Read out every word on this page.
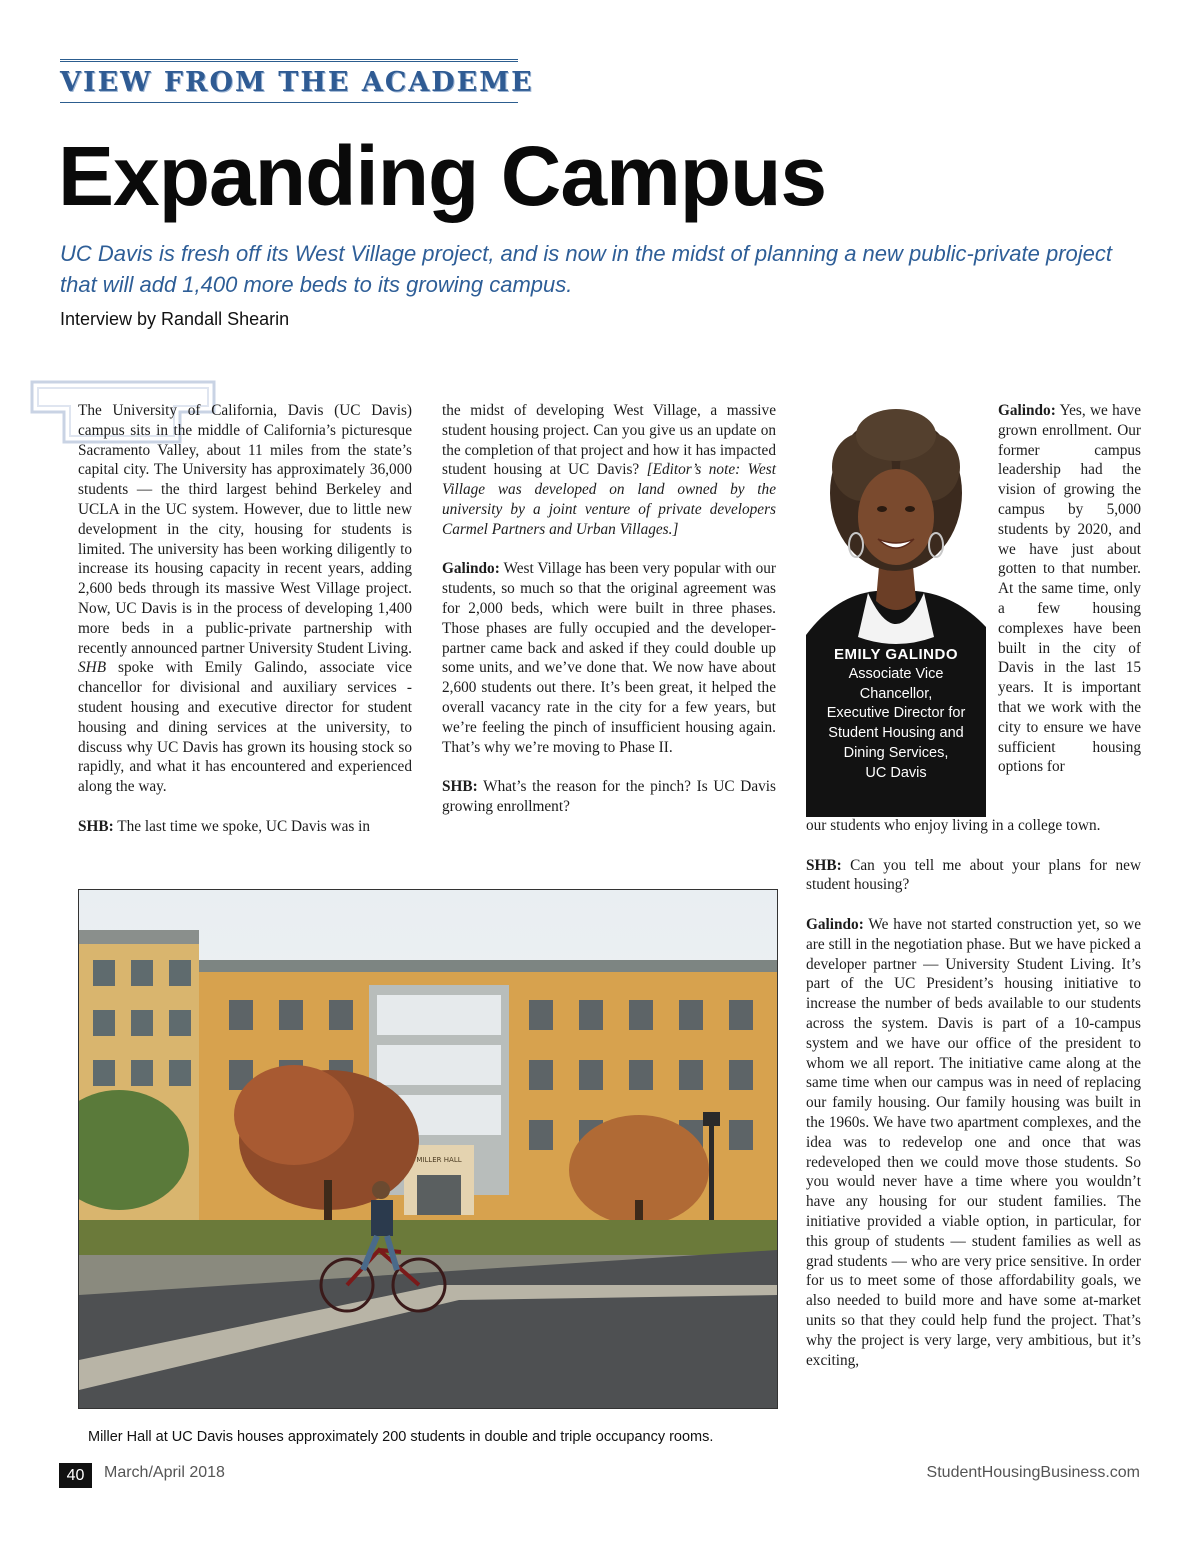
VIEW FROM THE ACADEME
Expanding Campus
UC Davis is fresh off its West Village project, and is now in the midst of planning a new public-private project that will add 1,400 more beds to its growing campus.
Interview by Randall Shearin

The University of California, Davis (UC Davis) campus sits in the middle of California’s picturesque Sacramento Valley, about 11 miles from the state’s capital city. The University has approximately 36,000 students — the third largest behind Berkeley and UCLA in the UC system. However, due to little new development in the city, housing for students is limited. The university has been working diligently to increase its housing capacity in recent years, adding 2,600 beds through its massive West Village project. Now, UC Davis is in the process of developing 1,400 more beds in a public-private partnership with recently announced partner University Student Living. SHB spoke with Emily Galindo, associate vice chancellor for divisional and auxiliary services - student housing and executive director for student housing and dining services at the university, to discuss why UC Davis has grown its housing stock so rapidly, and what it has encountered and experienced along the way.

SHB: The last time we spoke, UC Davis was in

the midst of developing West Village, a massive student housing project. Can you give us an update on the completion of that project and how it has impacted student housing at UC Davis? [Editor’s note: West Village was developed on land owned by the university by a joint venture of private developers Carmel Partners and Urban Villages.]

Galindo: West Village has been very popular with our students, so much so that the original agreement was for 2,000 beds, which were built in three phases. Those phases are fully occupied and the developer-partner came back and asked if they could double up some units, and we’ve done that. We now have about 2,600 students out there. It’s been great, it helped the overall vacancy rate in the city for a few years, but we’re feeling the pinch of insufficient housing again. That’s why we’re moving to Phase II.

SHB: What’s the reason for the pinch? Is UC Davis growing enrollment?

EMILY GALINDO
Associate Vice
Chancellor,
Executive Director for
Student Housing and
Dining Services,
UC Davis

Galindo: Yes, we have grown enrollment. Our former campus leadership had the vision of growing the campus by 5,000 students by 2020, and we have just about gotten to that number. At the same time, only a few housing complexes have been built in the city of Davis in the last 15 years. It is important that we work with the city to ensure we have sufficient housing options for

our students who enjoy living in a college town.

SHB: Can you tell me about your plans for new student housing?

Galindo: We have not started construction yet, so we are still in the negotiation phase. But we have picked a developer partner — University Student Living. It’s part of the UC President’s housing initiative to increase the number of beds available to our students across the system. Davis is part of a 10-campus system and we have our office of the president to whom we all report. The initiative came along at the same time when our campus was in need of replacing our family housing. Our family housing was built in the 1960s. We have two apartment complexes, and the idea was to redevelop one and once that was redeveloped then we could move those students. So you would never have a time where you wouldn’t have any housing for our student families. The initiative provided a viable option, in particular, for this group of students — student families as well as grad students — who are very price sensitive. In order for us to meet some of those affordability goals, we also needed to build more and have some at-market units so that they could help fund the project. That’s why the project is very large, very ambitious, but it’s exciting,

MILLER HALL
Miller Hall at UC Davis houses approximately 200 students in double and triple occupancy rooms.
40	March/April 2018	StudentHousingBusiness.com
